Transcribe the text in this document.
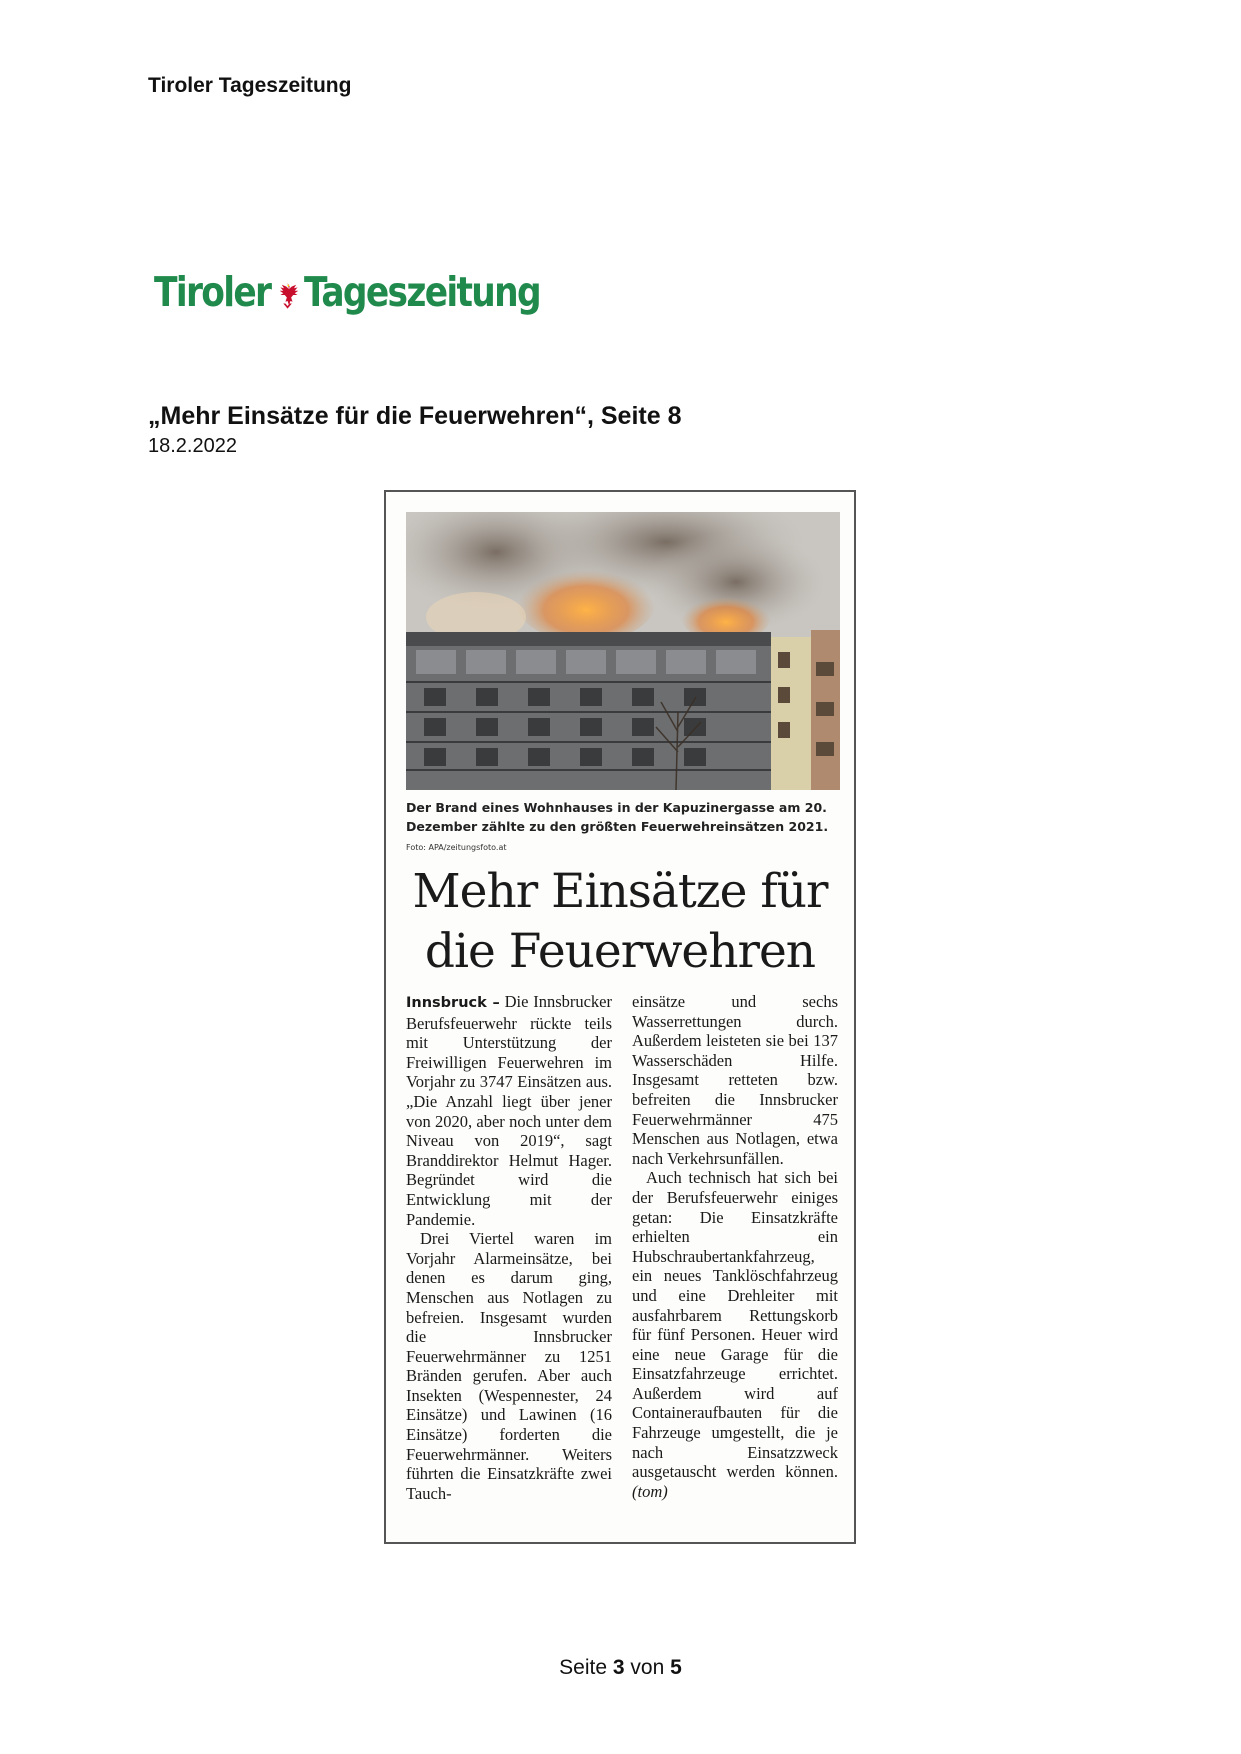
Tiroler Tageszeitung
Tiroler Tageszeitung
„Mehr Einsätze für die Feuerwehren“, Seite 8
18.2.2022
Der Brand eines Wohnhauses in der Kapuzinergasse am 20. Dezember zählte zu den größten Feuerwehreinsätzen 2021. Foto: APA/zeitungsfoto.at
Mehr Einsätze für
die Feuerwehren

Innsbruck – Die Innsbrucker Berufsfeuerwehr rückte teils mit Unterstützung der Freiwilligen Feuerwehren im Vorjahr zu 3747 Einsätzen aus. „Die Anzahl liegt über jener von 2020, aber noch unter dem Niveau von 2019“, sagt Branddirektor Helmut Hager. Begründet wird die Entwicklung mit der Pandemie.

Drei Viertel waren im Vorjahr Alarmeinsätze, bei denen es darum ging, Menschen aus Notlagen zu befreien. Insgesamt wurden die Innsbrucker Feuerwehrmänner zu 1251 Bränden gerufen. Aber auch Insekten (Wespennester, 24 Einsätze) und Lawinen (16 Einsätze) forderten die Feuerwehrmänner. Weiters führten die Einsatzkräfte zwei Tauch-

einsätze und sechs Wasserrettungen durch. Außerdem leisteten sie bei 137 Wasserschäden Hilfe. Insgesamt retteten bzw. befreiten die Innsbrucker Feuerwehrmänner 475 Menschen aus Notlagen, etwa nach Verkehrsunfällen.

Auch technisch hat sich bei der Berufsfeuerwehr einiges getan: Die Einsatzkräfte erhielten ein Hubschraubertankfahrzeug, ein neues Tanklöschfahrzeug und eine Drehleiter mit ausfahrbarem Rettungskorb für fünf Personen. Heuer wird eine neue Garage für die Einsatzfahrzeuge errichtet. Außerdem wird auf Containeraufbauten für die Fahrzeuge umgestellt, die je nach Einsatzzweck ausgetauscht werden können. (tom)

Seite 3 von 5
